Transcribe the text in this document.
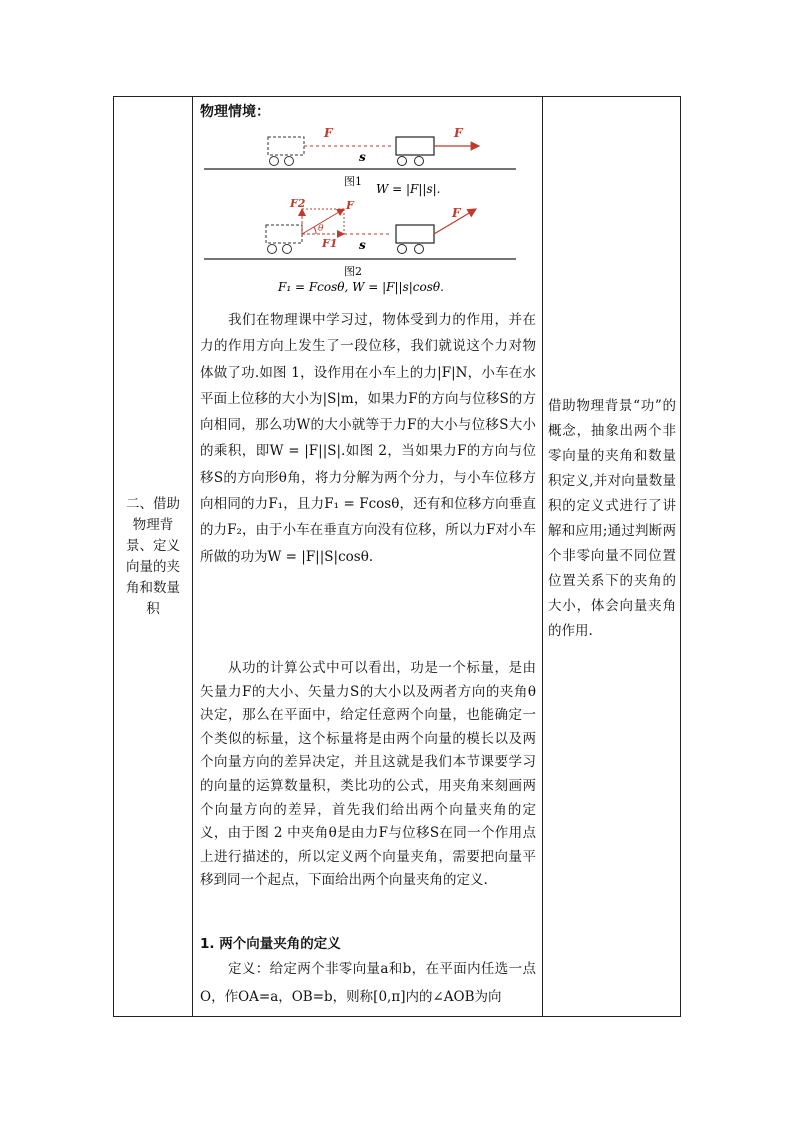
二、借助物理背景、定义向量的夹角和数量积
物理情境：
F	F
s
图1
W = |F||s|.
F2	F
θ
F1
F
s
图2
F₁ = Fcosθ, W = |F||s|cosθ.
我们在物理课中学习过，物体受到力的作用，并在力的作用方向上发生了一段位移，我们就说这个力对物体做了功.如图 1，设作用在小车上的力|F|N，小车在水平面上位移的大小为|S|m，如果力F的方向与位移S的方向相同，那么功W的大小就等于力F的大小与位移S大小的乘积，即W = |F||S|.如图 2，当如果力F的方向与位移S的方向形θ角，将力分解为两个分力，与小车位移方向相同的力F₁，且力F₁ = Fcosθ，还有和位移方向垂直的力F₂，由于小车在垂直方向没有位移，所以力F对小车所做的功为W = |F||S|cosθ.
从功的计算公式中可以看出，功是一个标量，是由矢量力F的大小、矢量力S的大小以及两者方向的夹角θ决定，那么在平面中，给定任意两个向量，也能确定一个类似的标量，这个标量将是由两个向量的模长以及两个向量方向的差异决定，并且这就是我们本节课要学习的向量的运算数量积，类比功的公式，用夹角来刻画两个向量方向的差异，首先我们给出两个向量夹角的定义，由于图 2 中夹角θ是由力F与位移S在同一个作用点上进行描述的，所以定义两个向量夹角，需要把向量平移到同一个起点，下面给出两个向量夹角的定义.
1. 两个向量夹角的定义
定义：给定两个非零向量a和b，在平面内任选一点O，作OA=a，OB=b，则称[0,π]内的∠AOB为向
借助物理背景“功”的概念，抽象出两个非零向量的夹角和数量积定义,并对向量数量积的定义式进行了讲解和应用;通过判断两个非零向量不同位置位置关系下的夹角的大小，体会向量夹角的作用.
